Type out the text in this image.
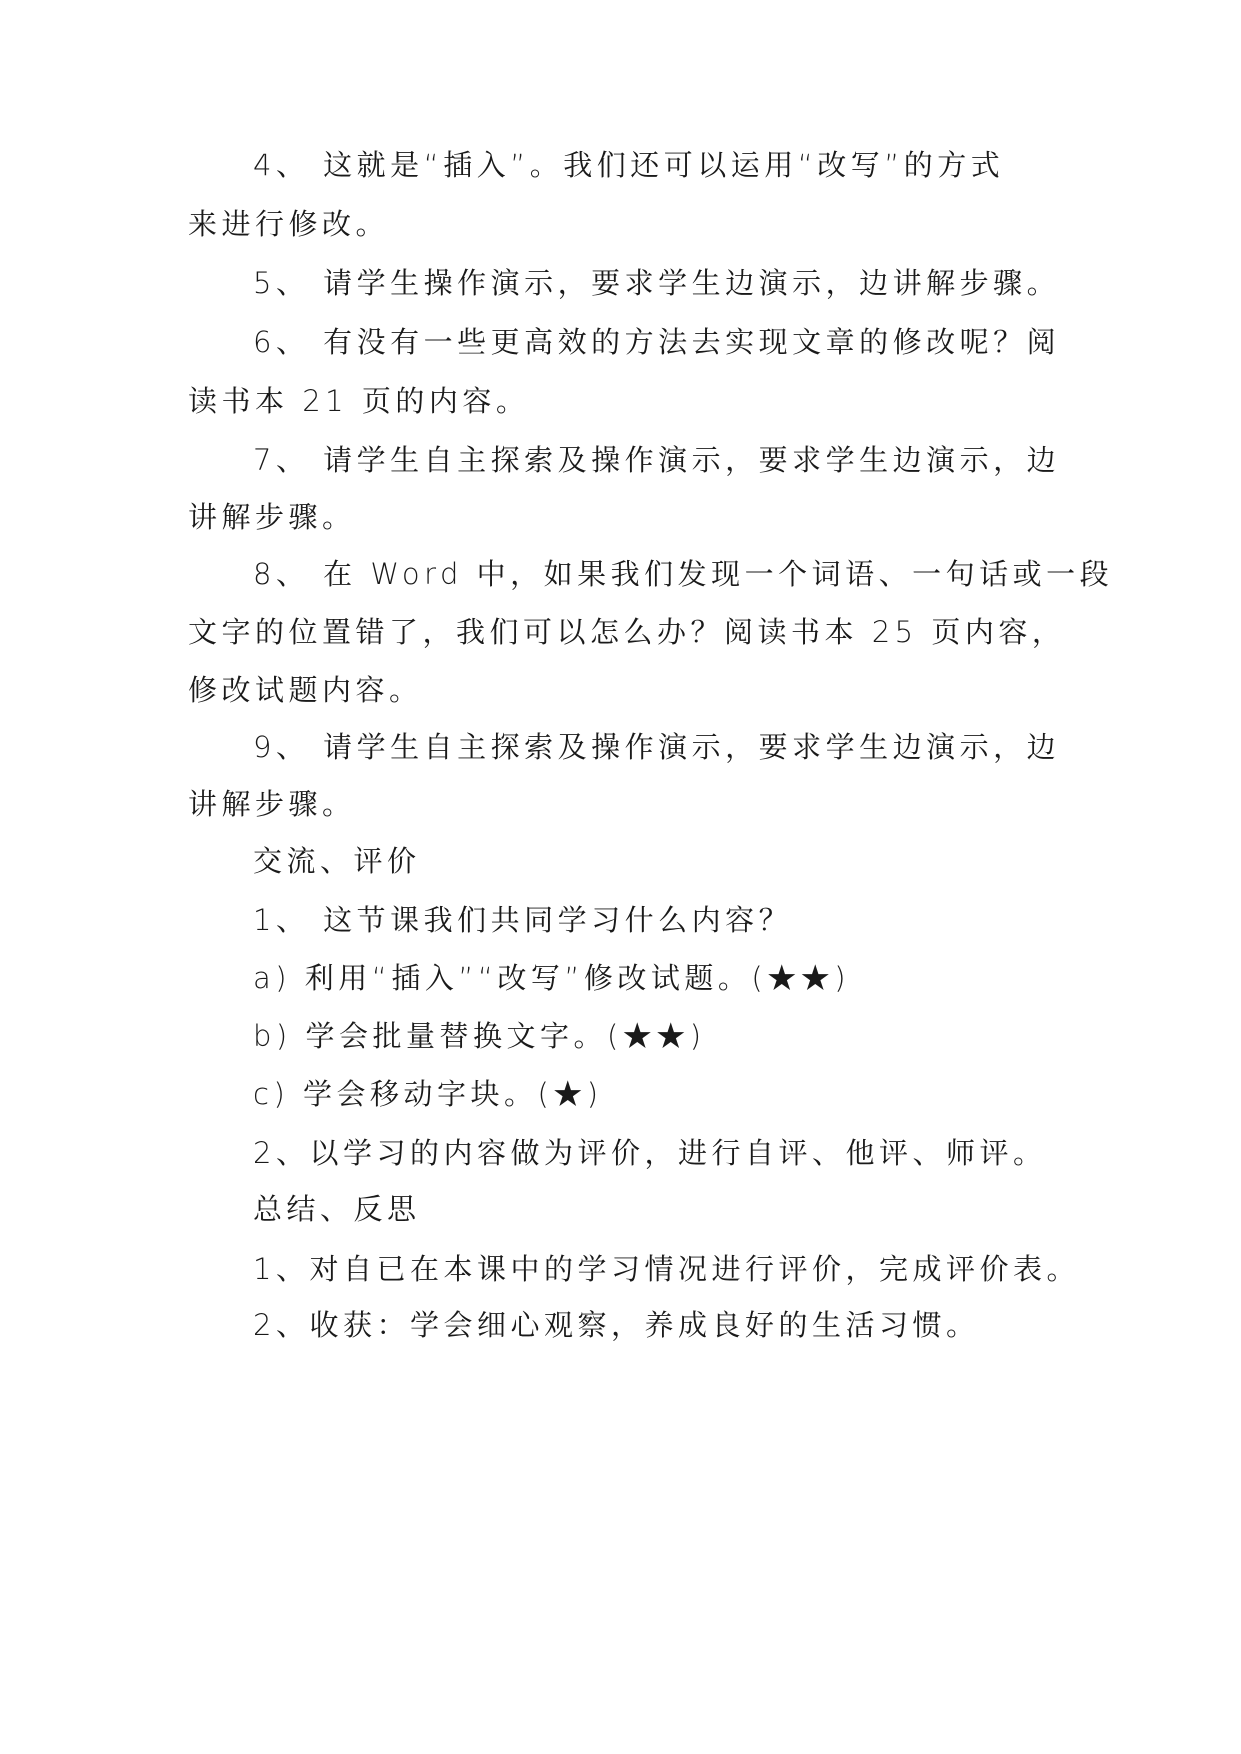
4、 这就是“插入”。我们还可以运用“改写”的方式
来进行修改。
5、 请学生操作演示，要求学生边演示，边讲解步骤。
6、 有没有一些更高效的方法去实现文章的修改呢？阅
读书本 21 页的内容。
7、 请学生自主探索及操作演示，要求学生边演示，边
讲解步骤。
8、 在 Word 中，如果我们发现一个词语、一句话或一段
文字的位置错了，我们可以怎么办？阅读书本 25 页内容，
修改试题内容。
9、 请学生自主探索及操作演示，要求学生边演示，边
讲解步骤。
交流、评价
1、 这节课我们共同学习什么内容？
a) 利用“插入”“改写”修改试题。(★★)
b) 学会批量替换文字。(★★)
c) 学会移动字块。(★)
2、以学习的内容做为评价，进行自评、他评、师评。
总结、反思
1、对自已在本课中的学习情况进行评价，完成评价表。
2、收获：学会细心观察，养成良好的生活习惯。
